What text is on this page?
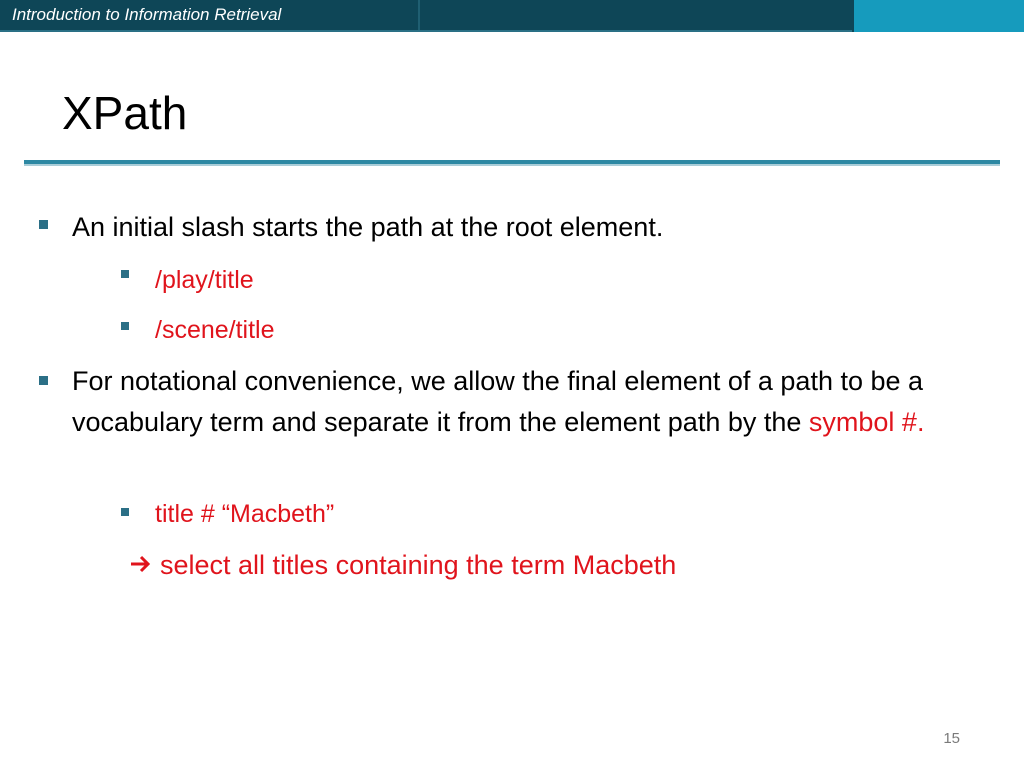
Introduction to Information Retrieval
XPath
An initial slash starts the path at the root element.
/play/title
/scene/title
For notational convenience, we allow the final element of a path to be a vocabulary term and separate it from the element path by the symbol #.
title # “Macbeth”
select all titles containing the term Macbeth
15
